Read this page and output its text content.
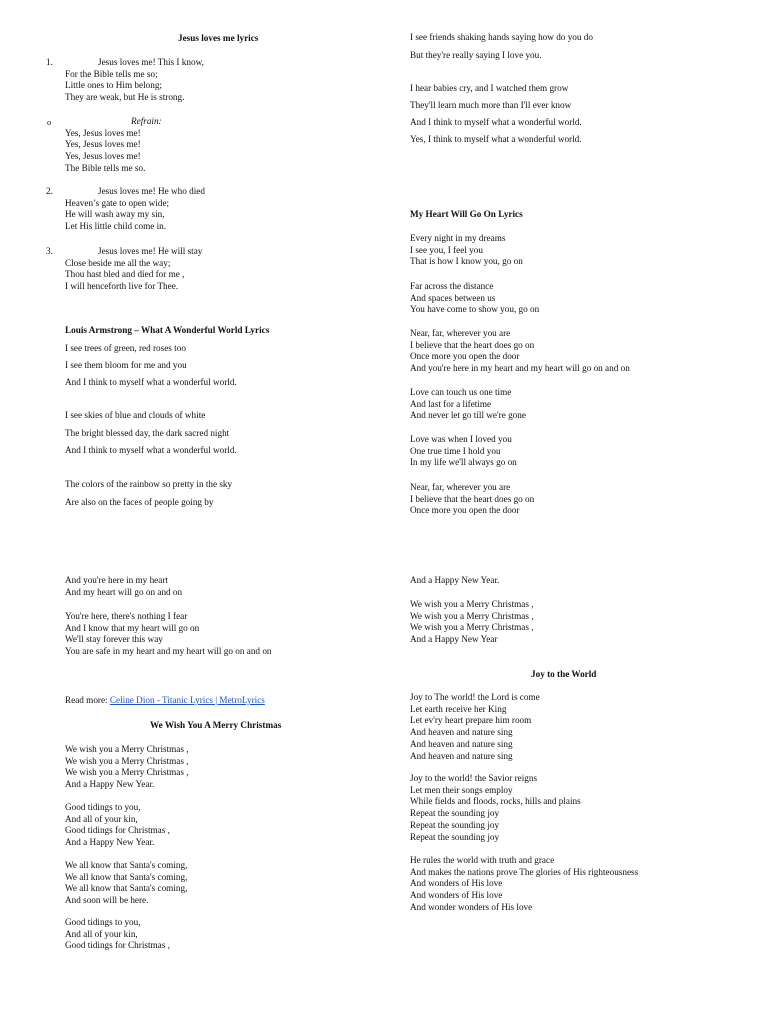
Jesus loves me lyrics
1.	Jesus loves me! This I know,
For the Bible tells me so;
Little ones to Him belong;
They are weak, but He is strong.
o	Refrain:
Yes, Jesus loves me!
Yes, Jesus loves me!
Yes, Jesus loves me!
The Bible tells me so.
2.	Jesus loves me! He who died
Heaven’s gate to open wide;
He will wash away my sin,
Let His little child come in.
3.	Jesus loves me! He will stay
Close beside me all the way;
Thou hast bled and died for me ,
I will henceforth live for Thee.
Louis Armstrong – What A Wonderful World Lyrics
I see trees of green, red roses too
I see them bloom for me and you
And I think to myself what a wonderful world.
I see skies of blue and clouds of white
The bright blessed day, the dark sacred night
And I think to myself what a wonderful world.
The colors of the rainbow so pretty in the sky
Are also on the faces of people going by
I see friends shaking hands saying how do you do
But they're really saying I love you.
I hear babies cry, and I watched them grow
They'll learn much more than I'll ever know
And I think to myself what a wonderful world.
Yes, I think to myself what a wonderful world.
My Heart Will Go On Lyrics
Every night in my dreams
I see you, I feel you
That is how I know you, go on
Far across the distance
And spaces between us
You have come to show you, go on
Near, far, wherever you are
I believe that the heart does go on
Once more you open the door
And you're here in my heart and my heart will go on and on
Love can touch us one time
And last for a lifetime
And never let go till we're gone
Love was when I loved you
One true time I hold you
In my life we'll always go on
Near, far, wherever you are
I believe that the heart does go on
Once more you open the door
And you're here in my heart
And my heart will go on and on
You're here, there's nothing I fear
And I know that my heart will go on
We'll stay forever this way
You are safe in my heart and my heart will go on and on
Read more: Celine Dion - Titanic Lyrics | MetroLyrics
We Wish You A Merry Christmas
We wish you a Merry Christmas ,
We wish you a Merry Christmas ,
We wish you a Merry Christmas ,
And a Happy New Year.
Good tidings to you,
And all of your kin,
Good tidings for Christmas ,
And a Happy New Year.
We all know that Santa's coming,
We all know that Santa's coming,
We all know that Santa's coming,
And soon will be here.
Good tidings to you,
And all of your kin,
Good tidings for Christmas ,
And a Happy New Year.
We wish you a Merry Christmas ,
We wish you a Merry Christmas ,
We wish you a Merry Christmas ,
And a Happy New Year
Joy to the World
Joy to The world! the Lord is come
Let earth receive her King
Let ev'ry heart prepare him room
And heaven and nature sing
And heaven and nature sing
And heaven and nature sing
Joy to the world! the Savior reigns
Let men their songs employ
While fields and floods, rocks, hills and plains
Repeat the sounding joy
Repeat the sounding joy
Repeat the sounding joy
He rules the world with truth and grace
And makes the nations prove The glories of His righteousness
And wonders of His love
And wonders of His love
And wonder wonders of His love
